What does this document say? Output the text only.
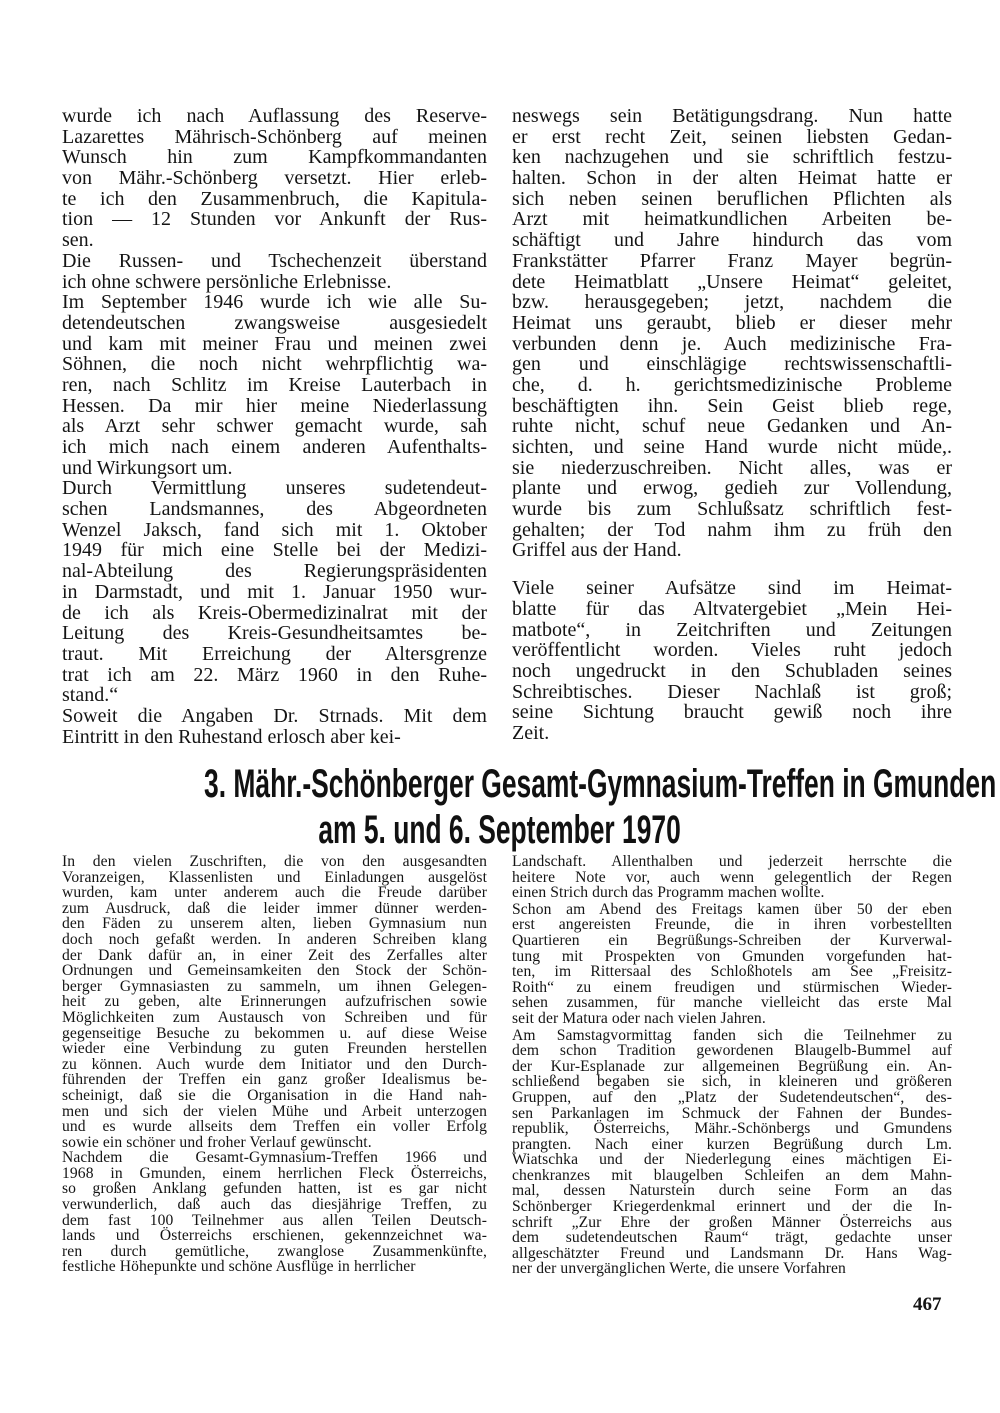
wurde ich nach Auflassung des Reserve-
Lazarettes Mährisch-Schönberg auf meinen
Wunsch hin zum Kampfkommandanten
von Mähr.-Schönberg versetzt. Hier erleb-
te ich den Zusammenbruch, die Kapitula-
tion — 12 Stunden vor Ankunft der Rus-
sen.
Die Russen- und Tschechenzeit überstand
ich ohne schwere persönliche Erlebnisse.
Im September 1946 wurde ich wie alle Su-
detendeutschen zwangsweise ausgesiedelt
und kam mit meiner Frau und meinen zwei
Söhnen, die noch nicht wehrpflichtig wa-
ren, nach Schlitz im Kreise Lauterbach in
Hessen. Da mir hier meine Niederlassung
als Arzt sehr schwer gemacht wurde, sah
ich mich nach einem anderen Aufenthalts-
und Wirkungsort um.
Durch Vermittlung unseres sudetendeut-
schen Landsmannes, des Abgeordneten
Wenzel Jaksch, fand sich mit 1. Oktober
1949 für mich eine Stelle bei der Medizi-
nal-Abteilung des Regierungspräsidenten
in Darmstadt, und mit 1. Januar 1950 wur-
de ich als Kreis-Obermedizinalrat mit der
Leitung des Kreis-Gesundheitsamtes be-
traut. Mit Erreichung der Altersgrenze
trat ich am 22. März 1960 in den Ruhe-
stand.“
Soweit die Angaben Dr. Strnads. Mit dem
Eintritt in den Ruhestand erlosch aber kei-
neswegs sein Betätigungsdrang. Nun hatte
er erst recht Zeit, seinen liebsten Gedan-
ken nachzugehen und sie schriftlich festzu-
halten. Schon in der alten Heimat hatte er
sich neben seinen beruflichen Pflichten als
Arzt mit heimatkundlichen Arbeiten be-
schäftigt und Jahre hindurch das vom
Frankstätter Pfarrer Franz Mayer begrün-
dete Heimatblatt „Unsere Heimat“ geleitet,
bzw. herausgegeben; jetzt, nachdem die
Heimat uns geraubt, blieb er dieser mehr
verbunden denn je. Auch medizinische Fra-
gen und einschlägige rechtswissenschaftli-
che, d. h. gerichtsmedizinische Probleme
beschäftigten ihn. Sein Geist blieb rege,
ruhte nicht, schuf neue Gedanken und An-
sichten, und seine Hand wurde nicht müde,.
sie niederzuschreiben. Nicht alles, was er
plante und erwog, gedieh zur Vollendung,
wurde bis zum Schlußsatz schriftlich fest-
gehalten; der Tod nahm ihm zu früh den
Griffel aus der Hand.
Viele seiner Aufsätze sind im Heimat-
blatte für das Altvatergebiet „Mein Hei-
matbote“, in Zeitchriften und Zeitungen
veröffentlicht worden. Vieles ruht jedoch
noch ungedruckt in den Schubladen seines
Schreibtisches. Dieser Nachlaß ist groß;
seine Sichtung braucht gewiß noch ihre
Zeit.
3. Mähr.-Schönberger Gesamt-Gymnasium-Treffen in Gmunden
am 5. und 6. September 1970
In den vielen Zuschriften, die von den ausgesandten
Voranzeigen, Klassenlisten und Einladungen ausgelöst
wurden, kam unter anderem auch die Freude darüber
zum Ausdruck, daß die leider immer dünner werden-
den Fäden zu unserem alten, lieben Gymnasium nun
doch noch gefaßt werden. In anderen Schreiben klang
der Dank dafür an, in einer Zeit des Zerfalles alter
Ordnungen und Gemeinsamkeiten den Stock der Schön-
berger Gymnasiasten zu sammeln, um ihnen Gelegen-
heit zu geben, alte Erinnerungen aufzufrischen sowie
Möglichkeiten zum Austausch von Schreiben und für
gegenseitige Besuche zu bekommen u. auf diese Weise
wieder eine Verbindung zu guten Freunden herstellen
zu können. Auch wurde dem Initiator und den Durch-
führenden der Treffen ein ganz großer Idealismus be-
scheinigt, daß sie die Organisation in die Hand nah-
men und sich der vielen Mühe und Arbeit unterzogen
und es wurde allseits dem Treffen ein voller Erfolg
sowie ein schöner und froher Verlauf gewünscht.
Nachdem die Gesamt-Gymnasium-Treffen 1966 und
1968 in Gmunden, einem herrlichen Fleck Österreichs,
so großen Anklang gefunden hatten, ist es gar nicht
verwunderlich, daß auch das diesjährige Treffen, zu
dem fast 100 Teilnehmer aus allen Teilen Deutsch-
lands und Österreichs erschienen, gekennzeichnet wa-
ren durch gemütliche, zwanglose Zusammenkünfte,
festliche Höhepunkte und schöne Ausflüge in herrlicher
Landschaft. Allenthalben und jederzeit herrschte die
heitere Note vor, auch wenn gelegentlich der Regen
einen Strich durch das Programm machen wollte.
Schon am Abend des Freitags kamen über 50 der eben
erst angereisten Freunde, die in ihren vorbestellten
Quartieren ein Begrüßungs-Schreiben der Kurverwal-
tung mit Prospekten von Gmunden vorgefunden hat-
ten, im Rittersaal des Schloßhotels am See „Freisitz-
Roith“ zu einem freudigen und stürmischen Wieder-
sehen zusammen, für manche vielleicht das erste Mal
seit der Matura oder nach vielen Jahren.
Am Samstagvormittag fanden sich die Teilnehmer zu
dem schon Tradition gewordenen Blaugelb-Bummel auf
der Kur-Esplanade zur allgemeinen Begrüßung ein. An-
schließend begaben sie sich, in kleineren und größeren
Gruppen, auf den „Platz der Sudetendeutschen“, des-
sen Parkanlagen im Schmuck der Fahnen der Bundes-
republik, Österreichs, Mähr.-Schönbergs und Gmundens
prangten. Nach einer kurzen Begrüßung durch Lm.
Wiatschka und der Niederlegung eines mächtigen Ei-
chenkranzes mit blaugelben Schleifen an dem Mahn-
mal, dessen Naturstein durch seine Form an das
Schönberger Kriegerdenkmal erinnert und der die In-
schrift „Zur Ehre der großen Männer Österreichs aus
dem sudetendeutschen Raum“ trägt, gedachte unser
allgeschätzter Freund und Landsmann Dr. Hans Wag-
ner der unvergänglichen Werte, die unsere Vorfahren
467
